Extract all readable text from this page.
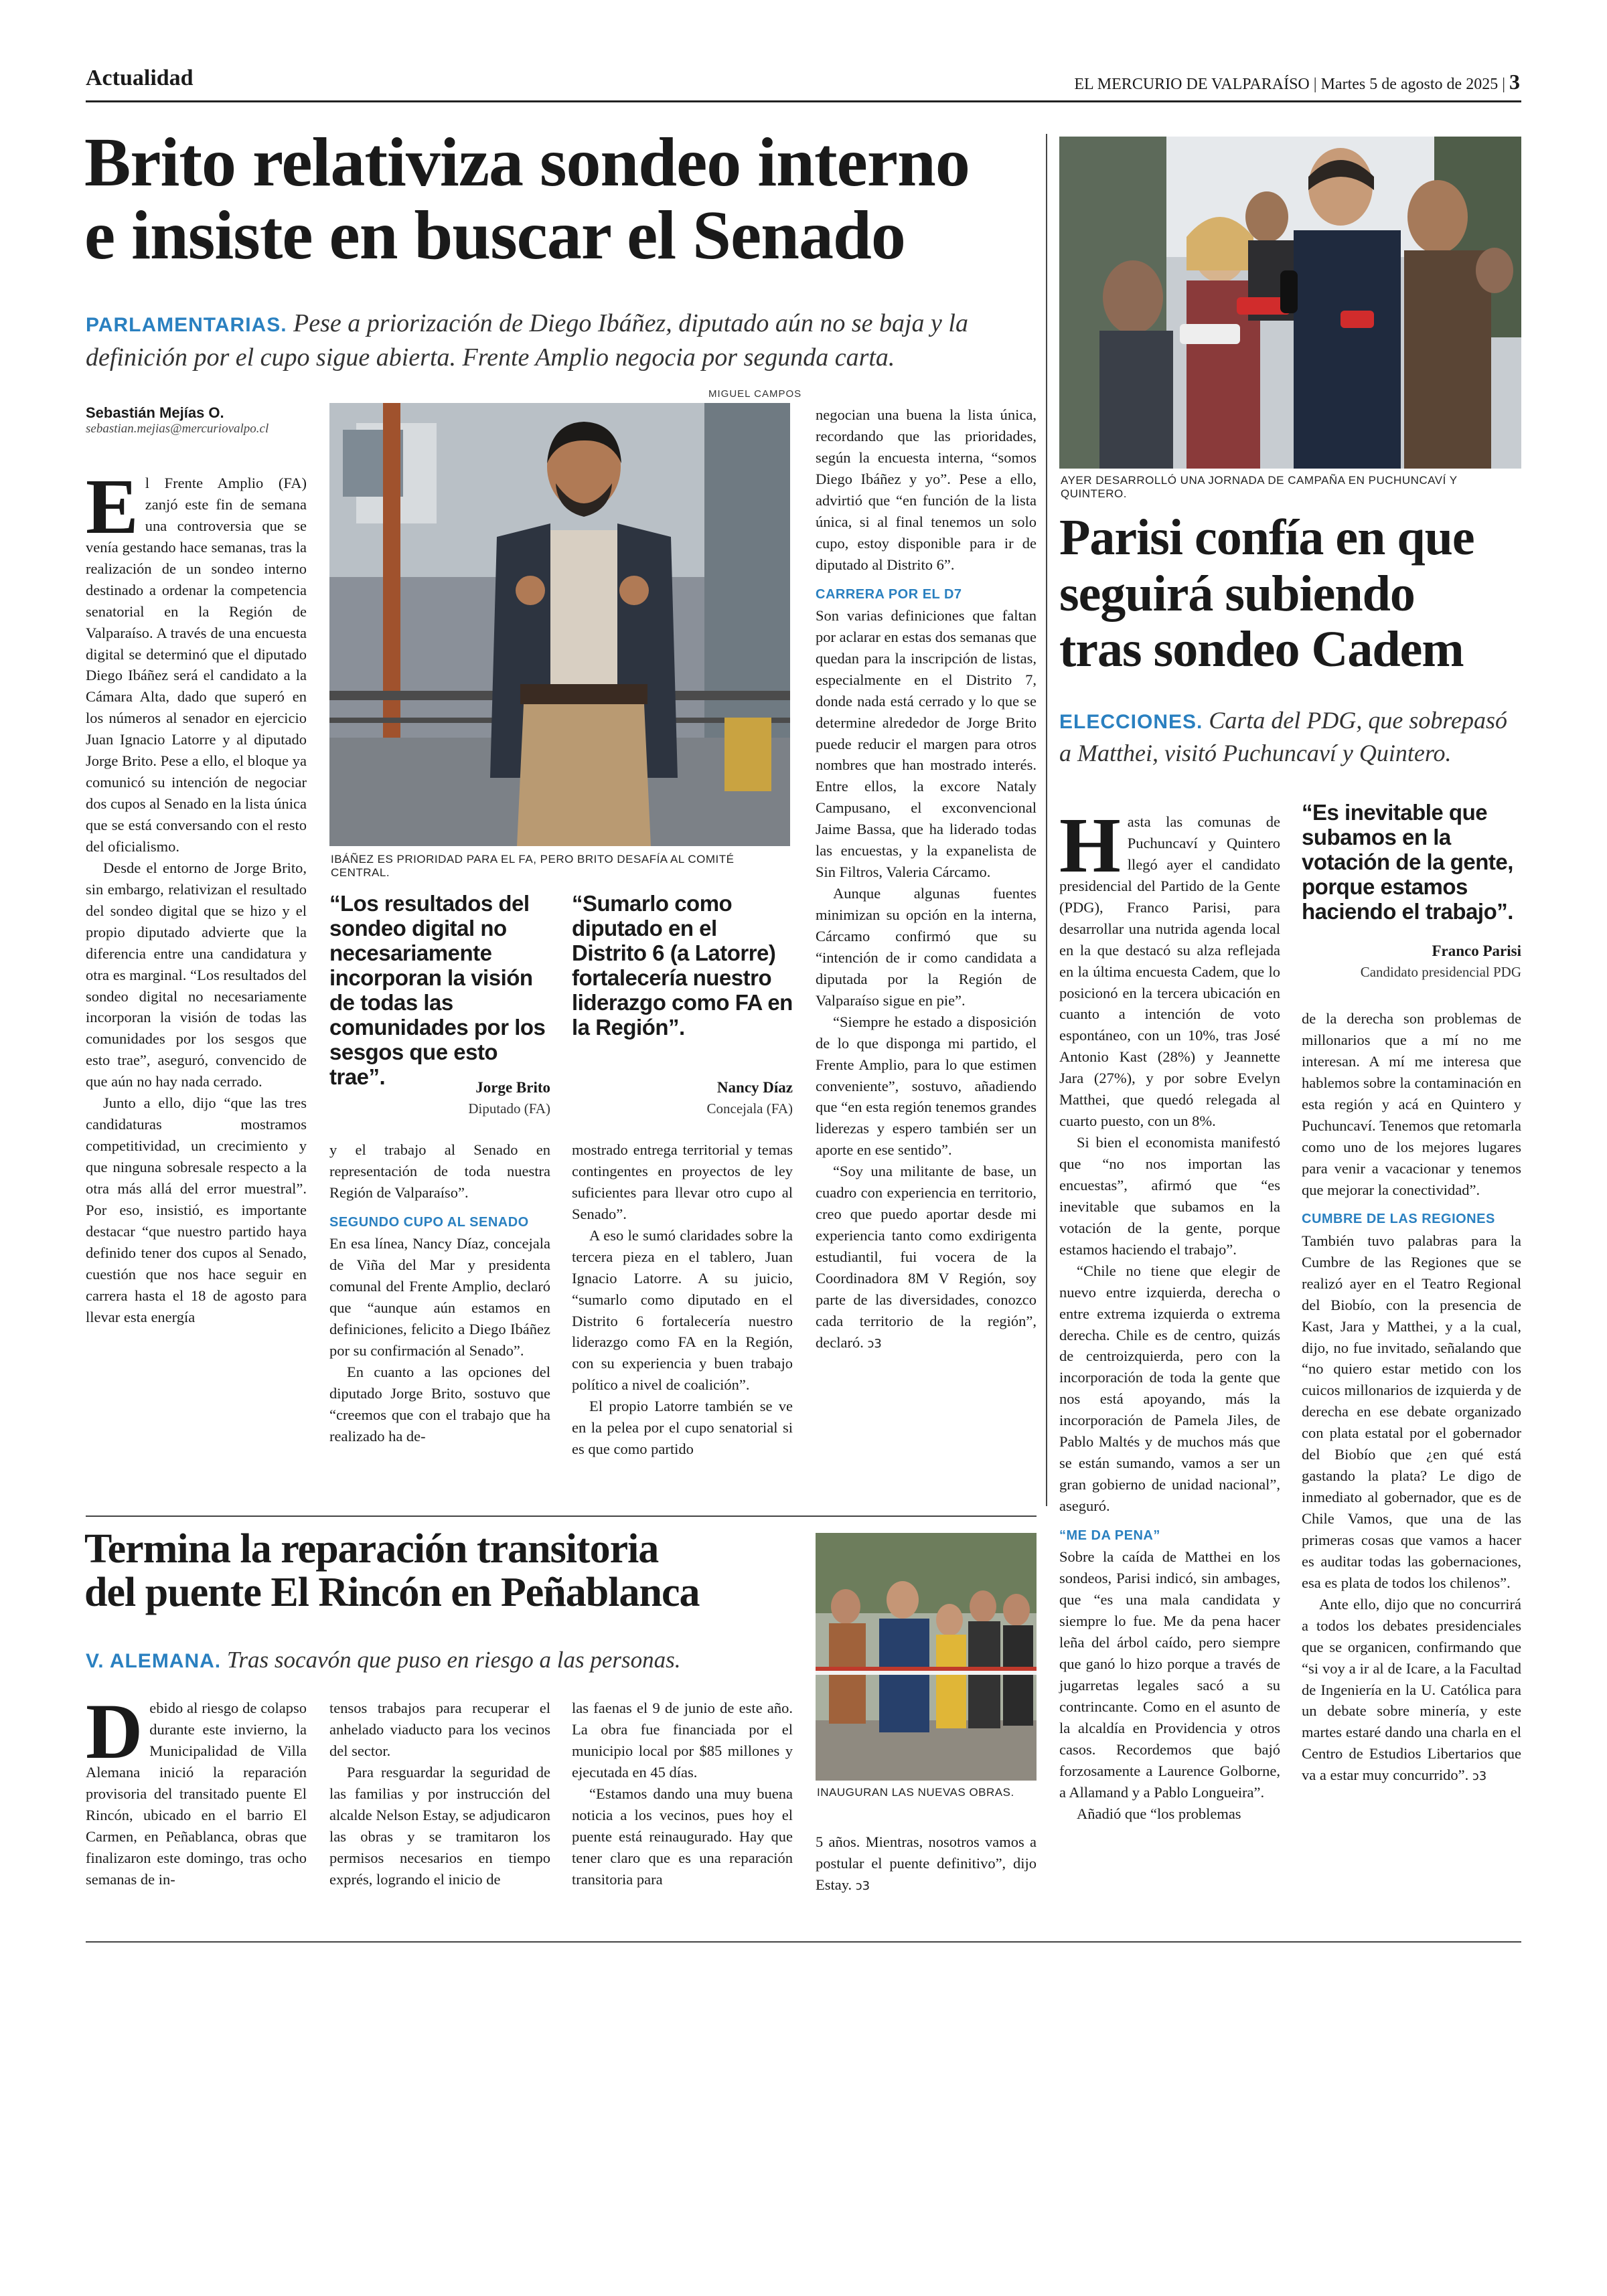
Actualidad	EL MERCURIO DE VALPARAÍSO | Martes 5 de agosto de 2025 | 3
Brito relativiza sondeo interno
e insiste en buscar el Senado
PARLAMENTARIAS. Pese a priorización de Diego Ibáñez, diputado aún no se baja y la definición por el cupo sigue abierta. Frente Amplio negocia por segunda carta.
Sebastián Mejías O.
sebastian.mejias@mercuriovalpo.cl
MIGUEL CAMPOS
IBÁÑEZ ES PRIORIDAD PARA EL FA, PERO BRITO DESAFÍA AL COMITÉ CENTRAL.

El Frente Amplio (FA) zanjó este fin de semana una controversia que se venía gestando hace semanas, tras la realización de un sondeo interno destinado a ordenar la competencia senatorial en la Región de Valparaíso. A través de una encuesta digital se determinó que el diputado Diego Ibáñez será el candidato a la Cámara Alta, dado que superó en los números al senador en ejercicio Juan Ignacio Latorre y al diputado Jorge Brito. Pese a ello, el bloque ya comunicó su intención de negociar dos cupos al Senado en la lista única que se está conversando con el resto del oficialismo.

Desde el entorno de Jorge Brito, sin embargo, relativizan el resultado del sondeo digital que se hizo y el propio diputado advierte que la diferencia entre una candidatura y otra es marginal. “Los resultados del sondeo digital no necesariamente incorporan la visión de todas las comunidades por los sesgos que esto trae”, aseguró, convencido de que aún no hay nada cerrado.

Junto a ello, dijo “que las tres candidaturas mostramos competitividad, un crecimiento y que ninguna sobresale respecto a la otra más allá del error muestral”. Por eso, insistió, es importante destacar “que nuestro partido haya definido tener dos cupos al Senado, cuestión que nos hace seguir en carrera hasta el 18 de agosto para llevar esta energía

“Los resultados del sondeo digital no necesariamente incorporan la visión de todas las comunidades por los sesgos que esto trae”.	Jorge Brito
Diputado (FA)
“Sumarlo como diputado en el Distrito 6 (a Latorre) fortalecería nuestro liderazgo como FA en la Región”.
Nancy Díaz
Concejala (FA)

y el trabajo al Senado en representación de toda nuestra Región de Valparaíso”.

SEGUNDO CUPO AL SENADO

En esa línea, Nancy Díaz, concejala de Viña del Mar y presidenta comunal del Frente Amplio, declaró que “aunque aún estamos en definiciones, felicito a Diego Ibáñez por su confirmación al Senado”.

En cuanto a las opciones del diputado Jorge Brito, sostuvo que “creemos que con el trabajo que ha realizado ha de-

mostrado entrega territorial y temas contingentes en proyectos de ley suficientes para llevar otro cupo al Senado”.

A eso le sumó claridades sobre la tercera pieza en el tablero, Juan Ignacio Latorre. A su juicio, “sumarlo como diputado en el Distrito 6 fortalecería nuestro liderazgo como FA en la Región, con su experiencia y buen trabajo político a nivel de coalición”.

El propio Latorre también se ve en la pelea por el cupo senatorial si es que como partido

negocian una buena la lista única, recordando que las prioridades, según la encuesta interna, “somos Diego Ibáñez y yo”. Pese a ello, advirtió que “en función de la lista única, si al final tenemos un solo cupo, estoy disponible para ir de diputado al Distrito 6”.

CARRERA POR EL D7

Son varias definiciones que faltan por aclarar en estas dos semanas que quedan para la inscripción de listas, especialmente en el Distrito 7, donde nada está cerrado y lo que se determine alrededor de Jorge Brito puede reducir el margen para otros nombres que han mostrado interés. Entre ellos, la excore Nataly Campusano, el exconvencional Jaime Bassa, que ha liderado todas las encuestas, y la expanelista de Sin Filtros, Valeria Cárcamo.

Aunque algunas fuentes minimizan su opción en la interna, Cárcamo confirmó que su “intención de ir como candidata a diputada por la Región de Valparaíso sigue en pie”.

“Siempre he estado a disposición de lo que disponga mi partido, el Frente Amplio, para lo que estimen conveniente”, sostuvo, añadiendo que “en esta región tenemos grandes liderezas y espero también ser un aporte en ese sentido”.

“Soy una militante de base, un cuadro con experiencia en territorio, creo que puedo aportar desde mi experiencia tanto como exdirigenta estudiantil, fui vocera de la Coordinadora 8M V Región, soy parte de las diversidades, conozco cada territorio de la región”, declaró. ↄ3

AYER DESARROLLÓ UNA JORNADA DE CAMPAÑA EN PUCHUNCAVÍ Y QUINTERO.
Parisi confía en que
seguirá subiendo
tras sondeo Cadem
ELECCIONES. Carta del PDG, que sobrepasó a Matthei, visitó Puchuncaví y Quintero.

Hasta las comunas de Puchuncaví y Quintero llegó ayer el candidato presidencial del Partido de la Gente (PDG), Franco Parisi, para desarrollar una nutrida agenda local en la que destacó su alza reflejada en la última encuesta Cadem, que lo posicionó en la tercera ubicación en cuanto a intención de voto espontáneo, con un 10%, tras José Antonio Kast (28%) y Jeannette Jara (27%), y por sobre Evelyn Matthei, que quedó relegada al cuarto puesto, con un 8%.

Si bien el economista manifestó que “no nos importan las encuestas”, afirmó que “es inevitable que subamos en la votación de la gente, porque estamos haciendo el trabajo”.

“Chile no tiene que elegir de nuevo entre izquierda, derecha o entre extrema izquierda o extrema derecha. Chile es de centro, quizás de centroizquierda, pero con la incorporación de toda la gente que nos está apoyando, más la incorporación de Pamela Jiles, de Pablo Maltés y de muchos más que se están sumando, vamos a ser un gran gobierno de unidad nacional”, aseguró.

“ME DA PENA”

Sobre la caída de Matthei en los sondeos, Parisi indicó, sin ambages, que “es una mala candidata y siempre lo fue. Me da pena hacer leña del árbol caído, pero siempre que ganó lo hizo porque a través de jugarretas legales sacó a su contrincante. Como en el asunto de la alcaldía en Providencia y otros casos. Recordemos que bajó forzosamente a Laurence Golborne, a Allamand y a Pablo Longueira”.

Añadió que “los problemas

“Es inevitable que subamos en la votación de la gente, porque estamos haciendo el trabajo”.
Franco Parisi
Candidato presidencial PDG

de la derecha son problemas de millonarios que a mí no me interesan. A mí me interesa que hablemos sobre la contaminación en esta región y acá en Quintero y Puchuncaví. Tenemos que retomarla como uno de los mejores lugares para venir a vacacionar y tenemos que mejorar la conectividad”.

CUMBRE DE LAS REGIONES

También tuvo palabras para la Cumbre de las Regiones que se realizó ayer en el Teatro Regional del Biobío, con la presencia de Kast, Jara y Matthei, y a la cual, dijo, no fue invitado, señalando que “no quiero estar metido con los cuicos millonarios de izquierda y de derecha en ese debate organizado con plata estatal por el gobernador del Biobío que ¿en qué está gastando la plata? Le digo de inmediato al gobernador, que es de Chile Vamos, que una de las primeras cosas que vamos a hacer es auditar todas las gobernaciones, esa es plata de todos los chilenos”.

Ante ello, dijo que no concurrirá a todos los debates presidenciales que se organicen, confirmando que “si voy a ir al de Icare, a la Facultad de Ingeniería en la U. Católica para un debate sobre minería, y este martes estaré dando una charla en el Centro de Estudios Libertarios que va a estar muy concurrido”. ↄ3

Termina la reparación transitoria
del puente El Rincón en Peñablanca
V. ALEMANA. Tras socavón que puso en riesgo a las personas.
INAUGURAN LAS NUEVAS OBRAS.

Debido al riesgo de colapso durante este invierno, la Municipalidad de Villa Alemana inició la reparación provisoria del transitado puente El Rincón, ubicado en el barrio El Carmen, en Peñablanca, obras que finalizaron este domingo, tras ocho semanas de in-

tensos trabajos para recuperar el anhelado viaducto para los vecinos del sector.

Para resguardar la seguridad de las familias y por instrucción del alcalde Nelson Estay, se adjudicaron las obras y se tramitaron los permisos necesarios en tiempo exprés, logrando el inicio de

las faenas el 9 de junio de este año. La obra fue financiada por el municipio local por $85 millones y ejecutada en 45 días.

“Estamos dando una muy buena noticia a los vecinos, pues hoy el puente está reinaugurado. Hay que tener claro que es una reparación transitoria para

5 años. Mientras, nosotros vamos a postular el puente definitivo”, dijo Estay. ↄ3
